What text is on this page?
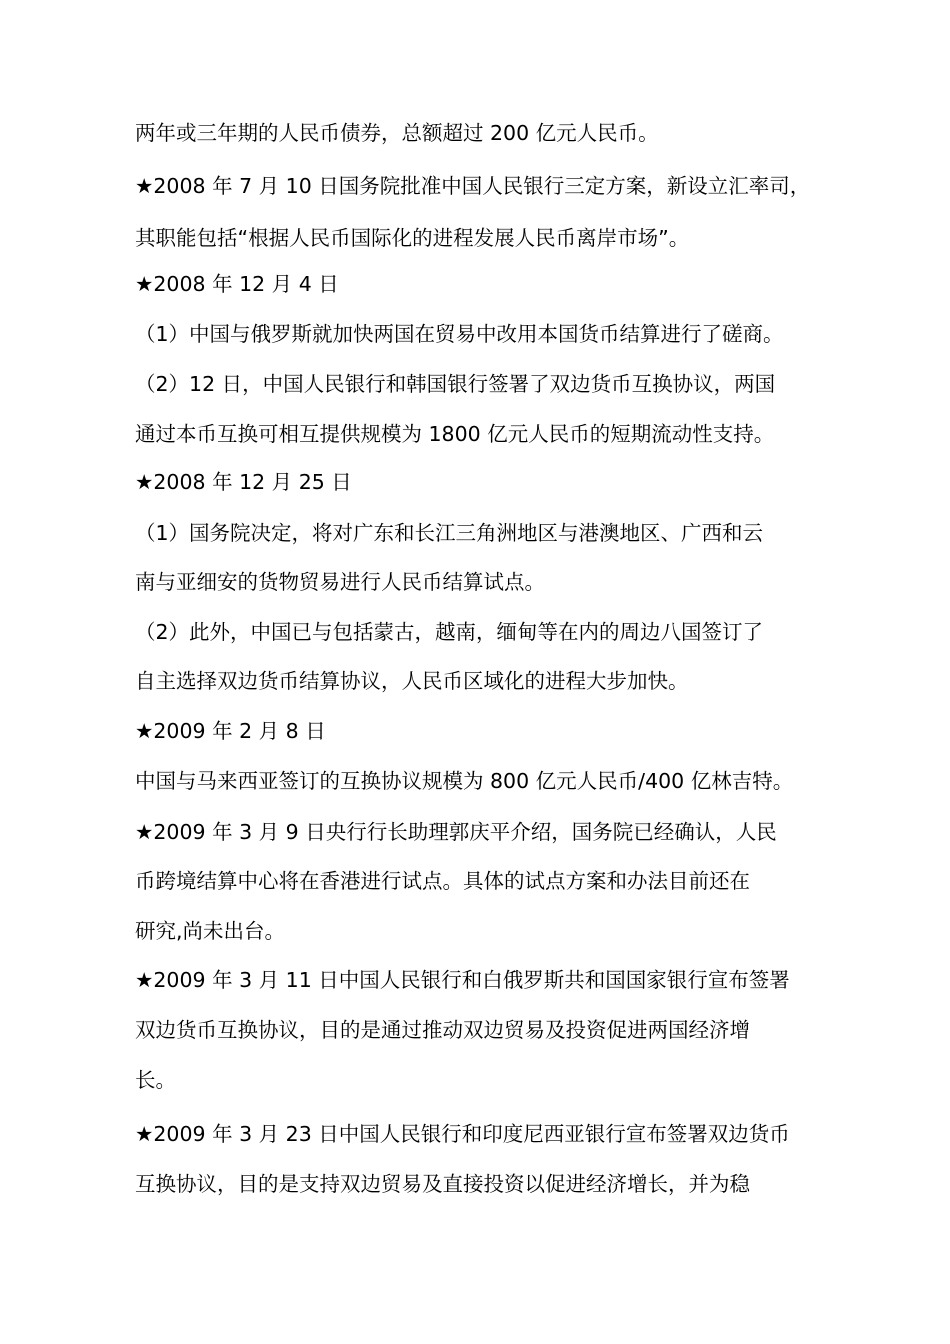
两年或三年期的人民币债券，总额超过 200 亿元人民币。
★2008 年 7 月 10 日国务院批准中国人民银行三定方案，新设立汇率司，
其职能包括“根据人民币国际化的进程发展人民币离岸市场”。
★2008 年 12 月 4 日
（1）中国与俄罗斯就加快两国在贸易中改用本国货币结算进行了磋商。
（2）12 日，中国人民银行和韩国银行签署了双边货币互换协议，两国
通过本币互换可相互提供规模为 1800 亿元人民币的短期流动性支持。
★2008 年 12 月 25 日
（1）国务院决定，将对广东和长江三角洲地区与港澳地区、广西和云
南与亚细安的货物贸易进行人民币结算试点。
（2）此外，中国已与包括蒙古，越南，缅甸等在内的周边八国签订了
自主选择双边货币结算协议，人民币区域化的进程大步加快。
★2009 年 2 月 8 日
中国与马来西亚签订的互换协议规模为 800 亿元人民币/400 亿林吉特。
★2009 年 3 月 9 日央行行长助理郭庆平介绍，国务院已经确认，人民
币跨境结算中心将在香港进行试点。具体的试点方案和办法目前还在
研究,尚未出台。
★2009 年 3 月 11 日中国人民银行和白俄罗斯共和国国家银行宣布签署
双边货币互换协议，目的是通过推动双边贸易及投资促进两国经济增
长。
★2009 年 3 月 23 日中国人民银行和印度尼西亚银行宣布签署双边货币
互换协议，目的是支持双边贸易及直接投资以促进经济增长，并为稳
